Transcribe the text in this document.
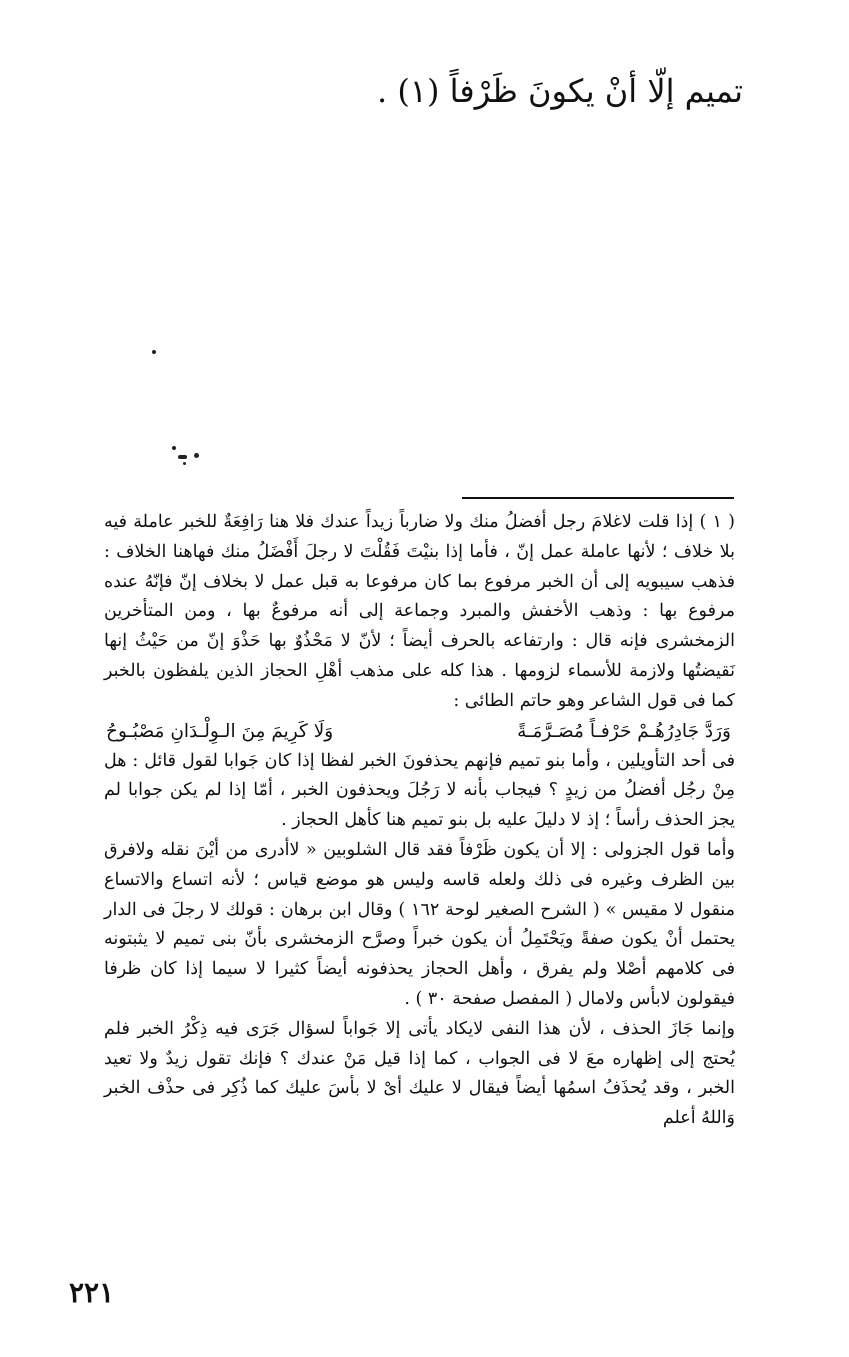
تميم إلّا أنْ يكونَ ظَرْفاً (١) .

( ١ ) إذا قلت لاغلامَ رجل أفضلُ منك ولا ضارباً زيداً عندك فلا هنا رَافِعَةٌ للخبر عاملة فيه بلا خلاف ؛ لأنها عاملة عمل إنّ ، فأما إذا بنيْتَ فَقُلْتَ لا رجلَ أَفْضَلُ منك فهاهنا الخلاف : فذهب سيبويه إلى أن الخبر مرفوع بما كان مرفوعا به قبل عمل لا بخلاف إنّ فإنّهُ عنده مرفوع بها : وذهب الأخفش والمبرد وجماعة إلى أنه مرفوعٌ بها ، ومن المتأخرين الزمخشرى فإنه قال : وارتفاعه بالحرف أيضاً ؛ لأنّ لا مَحْذُوٌ بها حَذْوَ إنّ من حَيْثُ إنها نَقيضتُها ولازمة للأسماء لزومها . هذا كله على مذهب أهْلِ الحجاز الذين يلفظون بالخبر كما فى قول الشاعر وهو حاتم الطائى :

وَرَدَّ جَادِرُهُـمْ حَرْفـاً مُصَـرَّمَـةً
وَلَا كَرِيمَ مِنَ الـوِلْـدَانِ مَصْبُـوحُ

فى أحد التأويلين ، وأما بنو تميم فإنهم يحذفونَ الخبر لفظا إذا كان جَوابا لقول قائل : هل مِنْ رجُل أفضلُ من زيدٍ ؟ فيجاب بأنه لا رَجُلَ ويحذفون الخبر ، أمّا إذا لم يكن جوابا لم يجز الحذف رأساً ؛ إذ لا دليلَ عليه بل بنو تميم هنا كأهل الحجاز .

وأما قول الجزولى : إلا أن يكون ظَرْفاً فقد قال الشلوبين « لاأدرى من أيْنَ نقله ولافرق بين الظرف وغيره فى ذلك ولعله قاسه وليس هو موضع قياس ؛ لأنه اتساع والاتساع منقول لا مقيس » ( الشرح الصغير لوحة ١٦٢ ) وقال ابن برهان : قولك لا رجلَ فى الدار يحتمل أنْ يكون صفةً ويَحْتَمِلُ أن يكون خبراً وصرَّح الزمخشرى بأنّ بنى تميم لا يثبتونه فى كلامهم أصْلا ولم يفرق ، وأهل الحجاز يحذفونه أيضاً كثيرا لا سيما إذا كان ظرفا فيقولون لابأس ولامال ( المفصل صفحة ٣٠ ) .

وإنما جَازَ الحذف ، لأن هذا النفى لايكاد يأتى إلا جَواباً لسؤال جَرَى فيه ذِكْرُ الخبر فلم يُحتج إلى إظهاره معَ لا فى الجواب ، كما إذا قيل مَنْ عندك ؟ فإنك تقول زيدٌ ولا تعيد الخبر ، وقد يُحذَفُ اسمُها أيضاً فيقال لا عليك أىْ لا بأسَ عليك كما ذُكِر فى حذْف الخبر وَاللهُ أعلم

٢٢١
